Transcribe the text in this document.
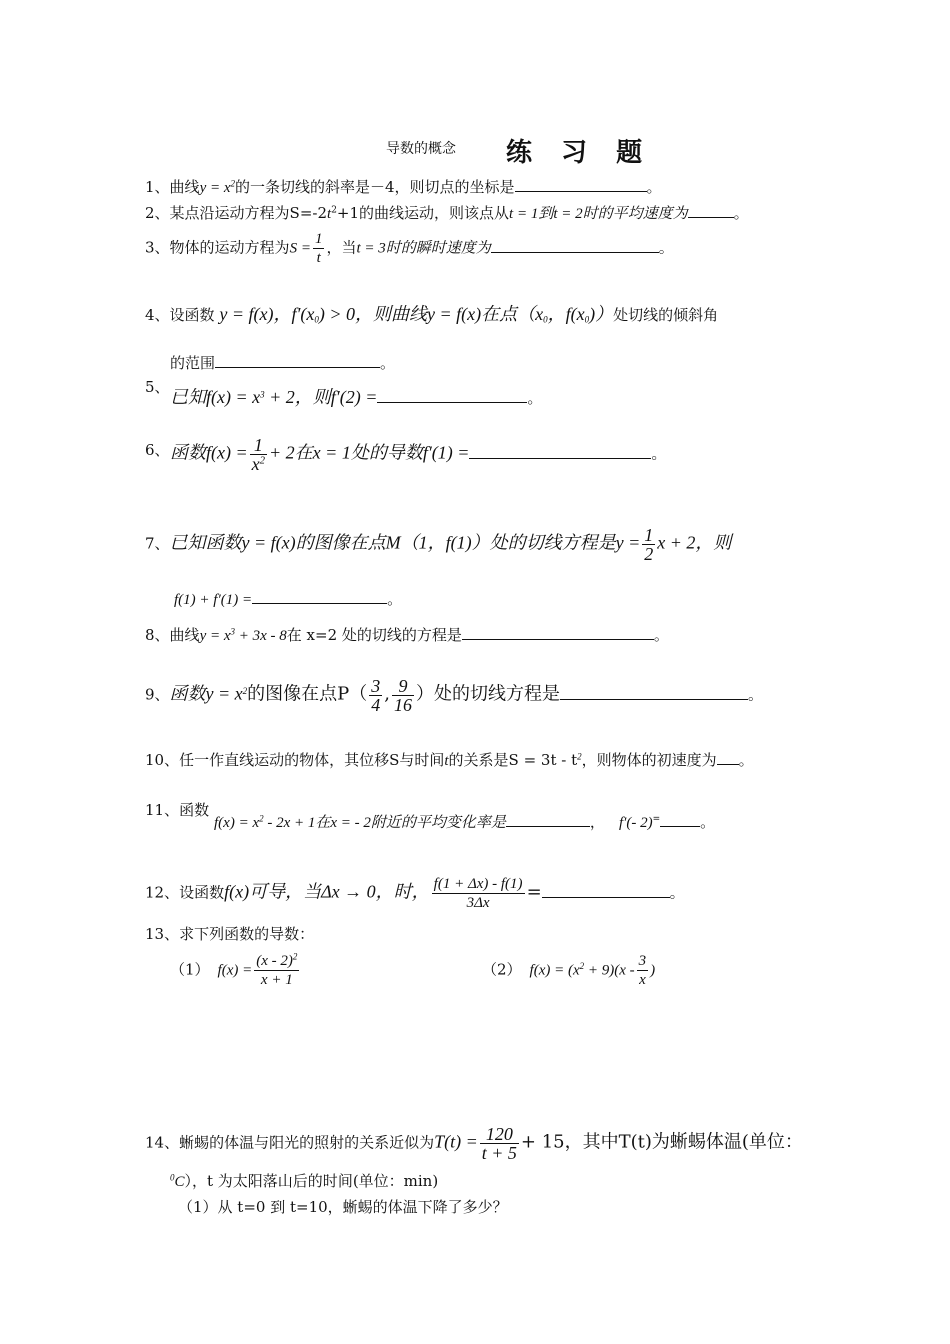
导数的概念 练 习 题
1、曲线$y = x^2$的一条切线的斜率是－4，则切点的坐标是	。
2、某点沿运动方程为$S=-2t^2+1$的曲线运动，则该点从t = 1到t = 2时的平均速度为	。
3、物体的运动方程为$S = \frac{1}{t}$ ，当t = 3时的瞬时速度为	。
4、设函数 y = f(x)，$f'(x_0) > 0$，则曲线y = f(x)在点（$x_0$，$f(x_0)$）处切线的倾斜角
的范围	。
5、 已知$f(x) = x^3 + 2$，则f′(2) =	。
6、 函数$f(x) = \frac{1}{x^2} + 2$在x = 1处的导数f′(1) =	。
7、已知函数y = f(x)的图像在点M（1，f(1)）处的切线方程是$y = \frac{1}{2}$ x + 2，则
f(1) + f′(1) =	。
8、曲线$y = x^3 + 3x - 8$在 x=2 处的切线的方程是	。
9、函数$y = x^2$的图像在点$P( \frac{3}{4}$ , $\frac{9}{16}$ ）处的切线方程是	。
10、任一作直线运动的物体，其位移S与时间t的关系是$S = 3t - t^2$，则物体的初速度为 。
11、函数
$f(x) = x^2 - 2x + 1$在x = - 2附近的平均变化率是	， f′(- 2)=	。
12、设函数f(x)可导，当Δx → 0，时， $\frac{f(1 + \Delta x) - f(1)}{3\Delta x}$ =	。
13、求下列函数的导数：
（1） $f(x) = \frac{(x - 2)^2}{x + 1}$	（2） $f(x) = (x^2 + 9)(x - \frac{3}{x}$ )
14、蜥蜴的体温与阳光的照射的关系近似为$T(t) = \frac{120}{t + 5} + 15$，其中T(t)为蜥蜴体温(单位：
$^0$C），t 为太阳落山后的时间(单位：min)
（1）从 t=0 到 t=10，蜥蜴的体温下降了多少？
